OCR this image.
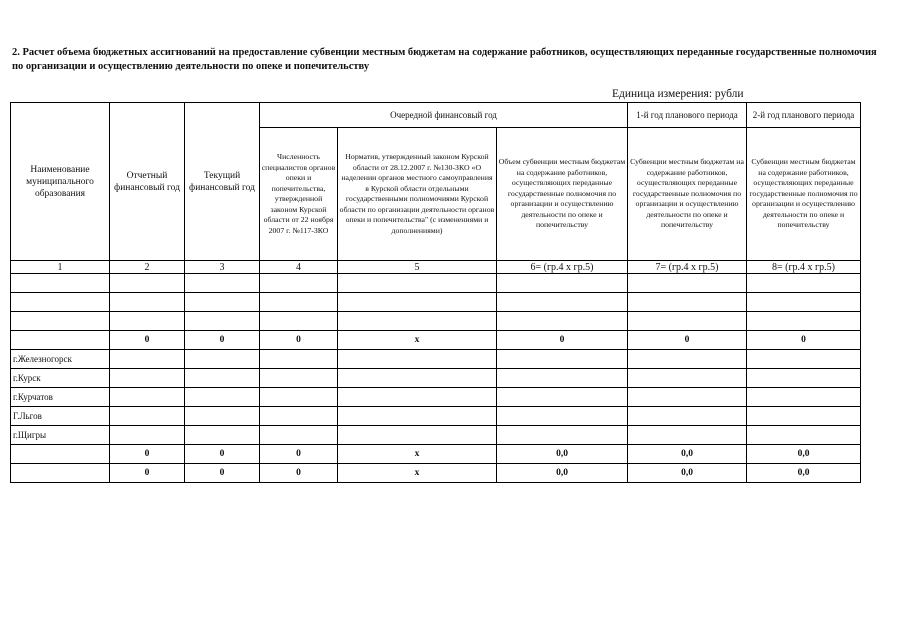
2. Расчет объема бюджетных ассигнований на предоставление субвенции местным бюджетам на содержание работников, осуществляющих переданные государственные полномочия по организации и осуществлению деятельности по опеке и попечительству
Единица измерения: рубли
Наименование муниципального образования	Отчетный финансовый год	Текущий финансовый год	Очередной финансовый год			1-й год планового периода	2-й год планового периода
			Численность специалистов органов опеки и попечительства, утвержденной законом Курской области от 22 ноября 2007 г. №117-ЗКО	Норматив, утвержденный законом Курской области от 28.12.2007 г. №130-ЗКО «О наделении органов местного самоуправления в Курской области отдельными государственными полномочиями Курской области по организации деятельности органов опеки и попечительства" (с изменениями и дополнениями)	Объем субвенции местным бюджетам на содержание работников, осуществляющих переданные государственные полномочия по организации и осуществлению деятельности по опеке и попечительству	Субвенции местным бюджетам на содержание работников, осуществляющих переданные государственные полномочия по организации и осуществлению деятельности по опеке и попечительству	Субвенции местным бюджетам на содержание работников, осуществляющих переданные государственные полномочия по организации и осуществлению деятельности по опеке и попечительству
1	2	3	4	5	6= (гр.4 х гр.5)	7= (гр.4 х гр.5)	8= (гр.4 х гр.5)

	0	0	0	х	0	0	0
г.Железногорск							
г.Курск							
г.Курчатов							
Г.Льгов							
г.Щигры							
	0	0	0	х	0,0	0,0	0,0
	0	0	0	х	0,0	0,0	0,0
